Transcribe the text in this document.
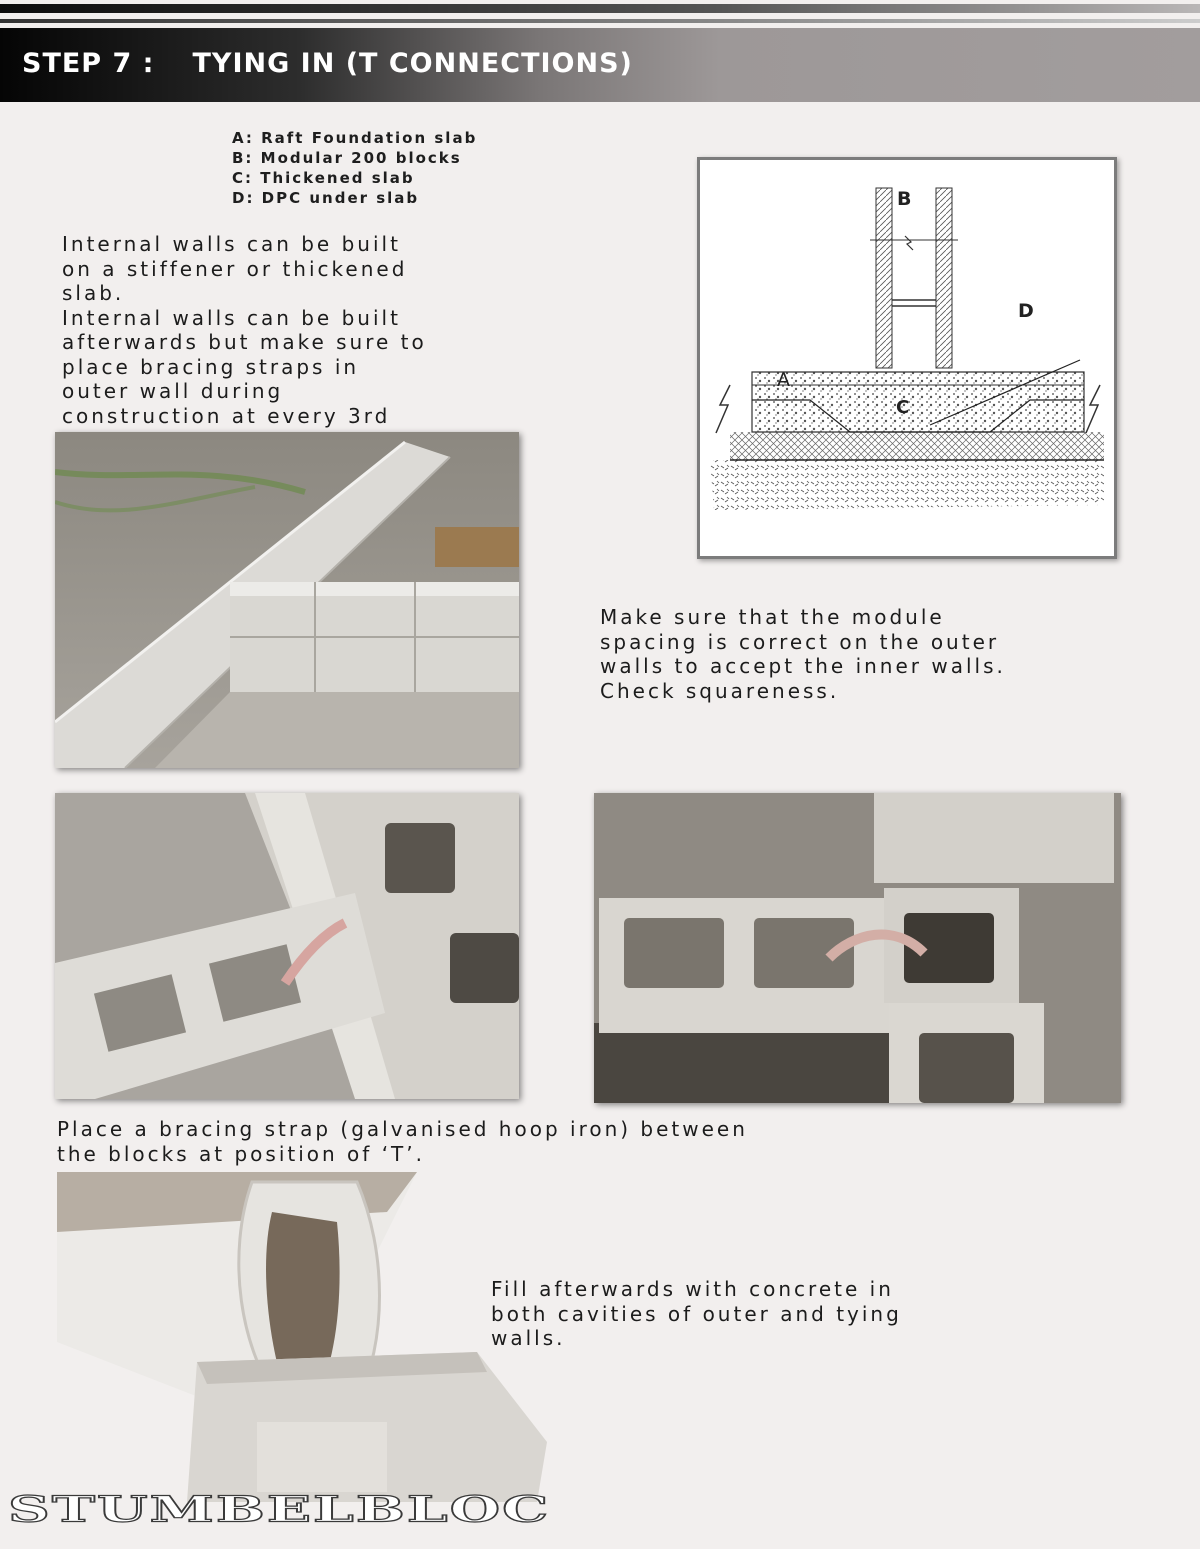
STEP 7 : TYING IN (T CONNECTIONS)
A: Raft Foundation slab
B: Modular 200 blocks
C: Thickened slab
D: DPC under slab
Internal walls can be built
on a stiffener or thickened
slab.
Internal walls can be built
afterwards but make sure to
place bracing straps in
outer wall during
construction at every 3rd
B
D
A
C
Make sure that the module
spacing is correct on the outer
walls to accept the inner walls.
Check squareness.
Place a bracing strap (galvanised hoop iron) between
the blocks at position of ‘T’.
Fill afterwards with concrete in
both cavities of outer and tying
walls.
STUMBELBLOC
